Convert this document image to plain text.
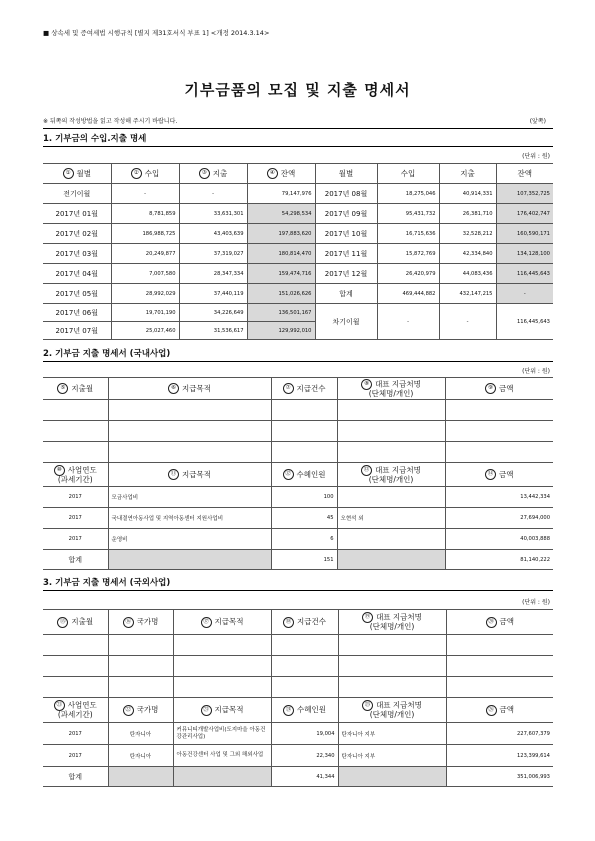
■ 상속세 및 증여세법 시행규칙 [별지 제31호서식 부표 1] <개정 2014.3.14>
기부금품의 모집 및 지출 명세서
※ 뒤쪽의 작성방법을 읽고 작성해 주시기 바랍니다.	(앞쪽)
1. 기부금의 수입.지출 명세
(단위 : 원)
① 월별	② 수입	③ 지출	④ 잔액	월별	수입	지출	잔액
전기이월	-	-	79,147,976	2017년 08월	18,275,046	40,914,331	107,352,725
2017년 01월	8,781,859	33,631,301	54,298,534	2017년 09월	95,431,732	26,381,710	176,402,747
2017년 02월	186,988,725	43,403,639	197,883,620	2017년 10월	16,715,636	32,528,212	160,590,171
2017년 03월	20,249,877	37,319,027	180,814,470	2017년 11월	15,872,769	42,334,840	134,128,100
2017년 04월	7,007,580	28,347,334	159,474,716	2017년 12월	26,420,979	44,083,436	116,445,643
2017년 05월	28,992,029	37,440,119	151,026,626	합계	469,444,882	432,147,215	-
2017년 06월	19,701,190	34,226,649	136,501,167	차기이월	-	-	116,445,643
2017년 07월	25,027,460	31,536,617	129,992,010				
2. 기부금 지출 명세서 (국내사업)
(단위 : 원)
⑤ 지출월	⑥ 지급목적	⑦ 지급건수	⑧ 대표 지급처명
(단체명/개인)	⑨ 금액

⑩ 사업연도
(과세기간)	⑪ 지급목적	⑫ 수혜인원	⑬ 대표 지급처명
(단체명/개인)	⑭ 금액
2017	모금사업비	100		13,442,334
2017	국내결연아동사업 및 지역아동센터 지원사업비	45	오현석 외	27,694,000
2017	운영비	6		40,003,888
합계		151		81,140,222
3. 기부금 지출 명세서 (국외사업)
(단위 : 원)
⑮ 지출월	⑯ 국가명	⑰ 지급목적	⑱ 지급건수	⑲ 대표 지급처명
(단체명/개인)	⑳ 금액

㉑ 사업연도
(과세기간)	㉒ 국가명	㉓ 지급목적	㉔ 수혜인원	㉕ 대표 지급처명
(단체명/개인)	㉖ 금액
2017	탄자니아	커뮤니티개발사업비(도지마을 아동건강관리사업)	19,004	탄자니아 지부	227,607,379
2017	탄자니아	아동건강센터 사업 및 그외 해외사업	22,340	탄자니아 지부	123,399,614
합계			41,344		351,006,993
